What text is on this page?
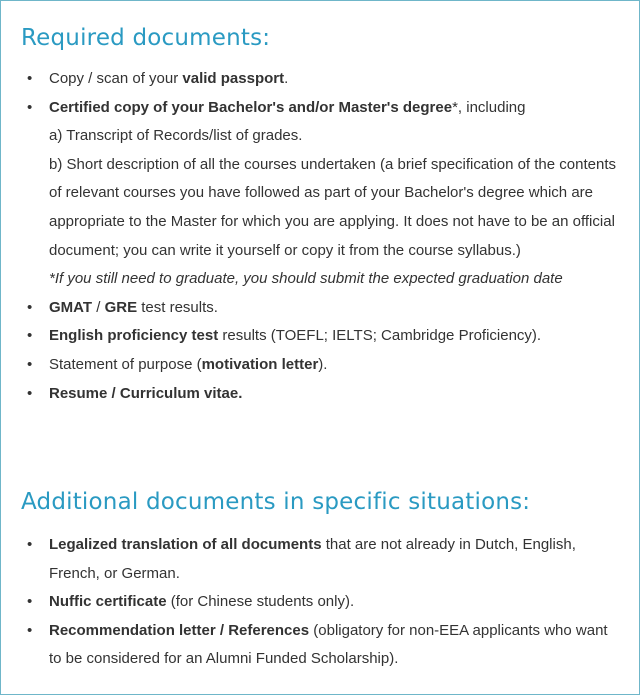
Required documents:
• Copy / scan of your valid passport.
• Certified copy of your Bachelor's and/or Master's degree*, including
a) Transcript of Records/list of grades.
b) Short description of all the courses undertaken (a brief specification of the contents of relevant courses you have followed as part of your Bachelor's degree which are appropriate to the Master for which you are applying. It does not have to be an official document; you can write it yourself or copy it from the course syllabus.)
*If you still need to graduate, you should submit the expected graduation date
• GMAT / GRE test results.
• English proficiency test results (TOEFL; IELTS; Cambridge Proficiency).
• Statement of purpose (motivation letter).
• Resume / Curriculum vitae.
Additional documents in specific situations:
• Legalized translation of all documents that are not already in Dutch, English, French, or German.
• Nuffic certificate (for Chinese students only).
• Recommendation letter / References (obligatory for non-EEA applicants who want to be considered for an Alumni Funded Scholarship).
